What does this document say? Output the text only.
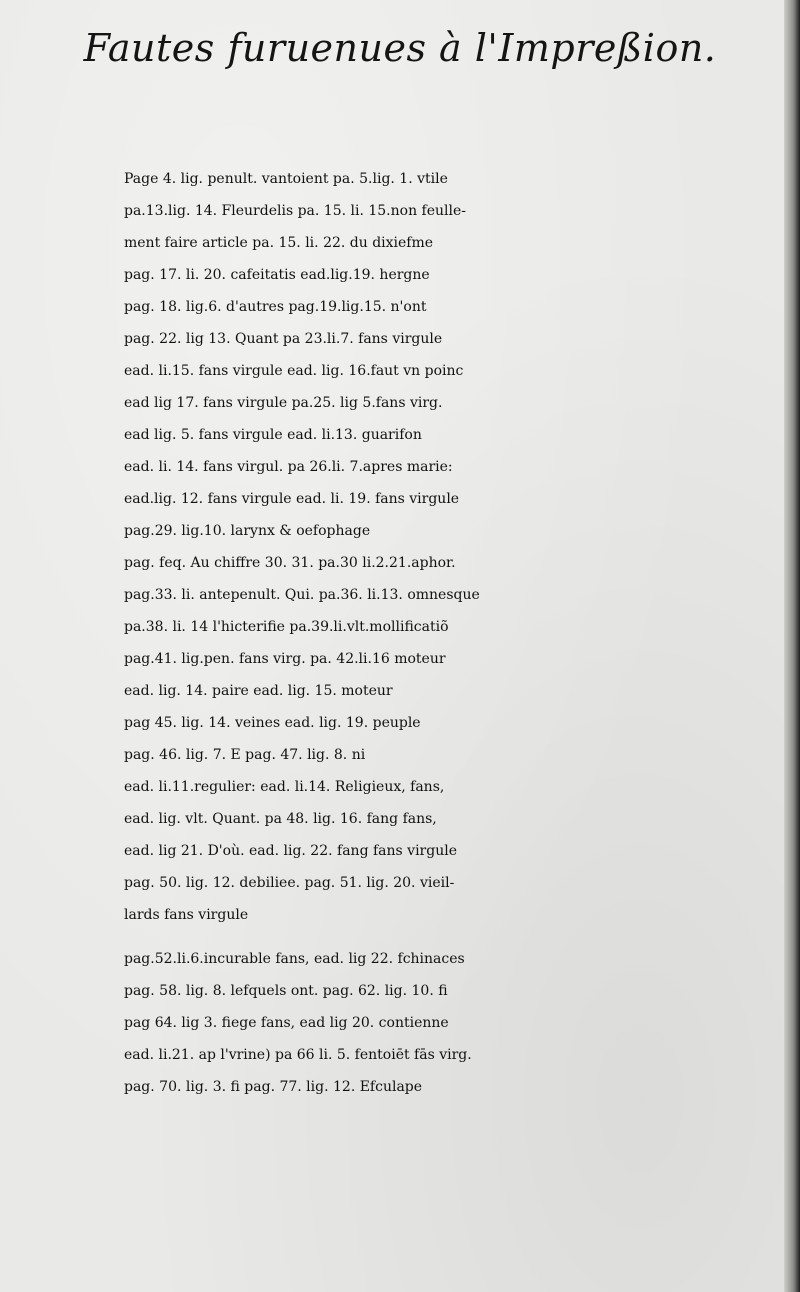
Fautes furuenues à l'Impreßion.
Page 4. lig. penult. vantoient pa. 5.lig. 1. vtile
pa.13.lig. 14. Fleurdelis pa. 15. li. 15.non feulle-
ment faire article pa. 15. li. 22. du dixiefme
pag. 17. li. 20. cafeitatis ead.lig.19. hergne
pag. 18. lig.6. d'autres pag.19.lig.15. n'ont
pag. 22. lig 13. Quant pa 23.li.7. fans virgule
ead. li.15. fans virgule ead. lig. 16.faut vn poinc
ead lig 17. fans virgule pa.25. lig 5.fans virg.
ead lig. 5. fans virgule ead. li.13. guarifon
ead. li. 14. fans virgul. pa 26.li. 7.apres marie:
ead.lig. 12. fans virgule ead. li. 19. fans virgule
pag.29. lig.10. larynx & oefophage
pag. feq. Au chiffre 30. 31. pa.30 li.2.21.aphor.
pag.33. li. antepenult. Qui. pa.36. li.13. omnesque
pa.38. li. 14 l'hicterifie pa.39.li.vlt.mollificatiõ
pag.41. lig.pen. fans virg. pa. 42.li.16 moteur
ead. lig. 14. paire ead. lig. 15. moteur
pag 45. lig. 14. veines ead. lig. 19. peuple
pag. 46. lig. 7. E pag. 47. lig. 8. ni
ead. li.11.regulier: ead. li.14. Religieux, fans,
ead. lig. vlt. Quant. pa 48. lig. 16. fang fans,
ead. lig 21. D'où. ead. lig. 22. fang fans virgule
pag. 50. lig. 12. debiliee. pag. 51. lig. 20. vieil-
lards fans virgule
pag.52.li.6.incurable fans, ead. lig 22. fchinaces
pag. 58. lig. 8. lefquels ont. pag. 62. lig. 10. fi
pag 64. lig 3. fiege fans, ead lig 20. contienne
ead. li.21. ap l'vrine) pa 66 li. 5. fentoiēt fās virg.
pag. 70. lig. 3. fi pag. 77. lig. 12. Efculape
